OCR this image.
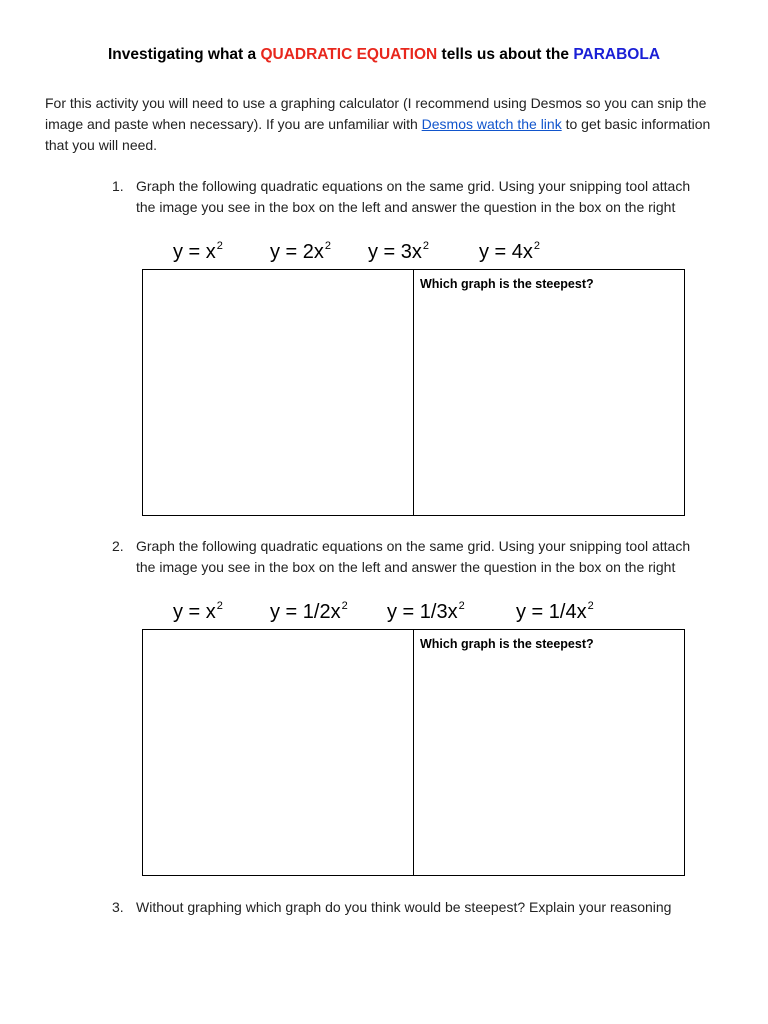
Investigating what a QUADRATIC EQUATION tells us about the PARABOLA
For this activity you will need to use a graphing calculator (I recommend using Desmos so you can snip the image and paste when necessary). If you are unfamiliar with Desmos watch the link to get basic information that you will need.
1. Graph the following quadratic equations on the same grid. Using your snipping tool attach the image you see in the box on the left and answer the question in the box on the right
$y = x^2$ $y = 2x^2$ $y = 3x^2$ $y = 4x^2$
Which graph is the steepest?
2. Graph the following quadratic equations on the same grid. Using your snipping tool attach the image you see in the box on the left and answer the question in the box on the right
$y = x^2$ $y = 1/2x^2$ $y = 1/3x^2$	$y = 1/4x^2$
Which graph is the steepest?
3. Without graphing which graph do you think would be steepest? Explain your reasoning
